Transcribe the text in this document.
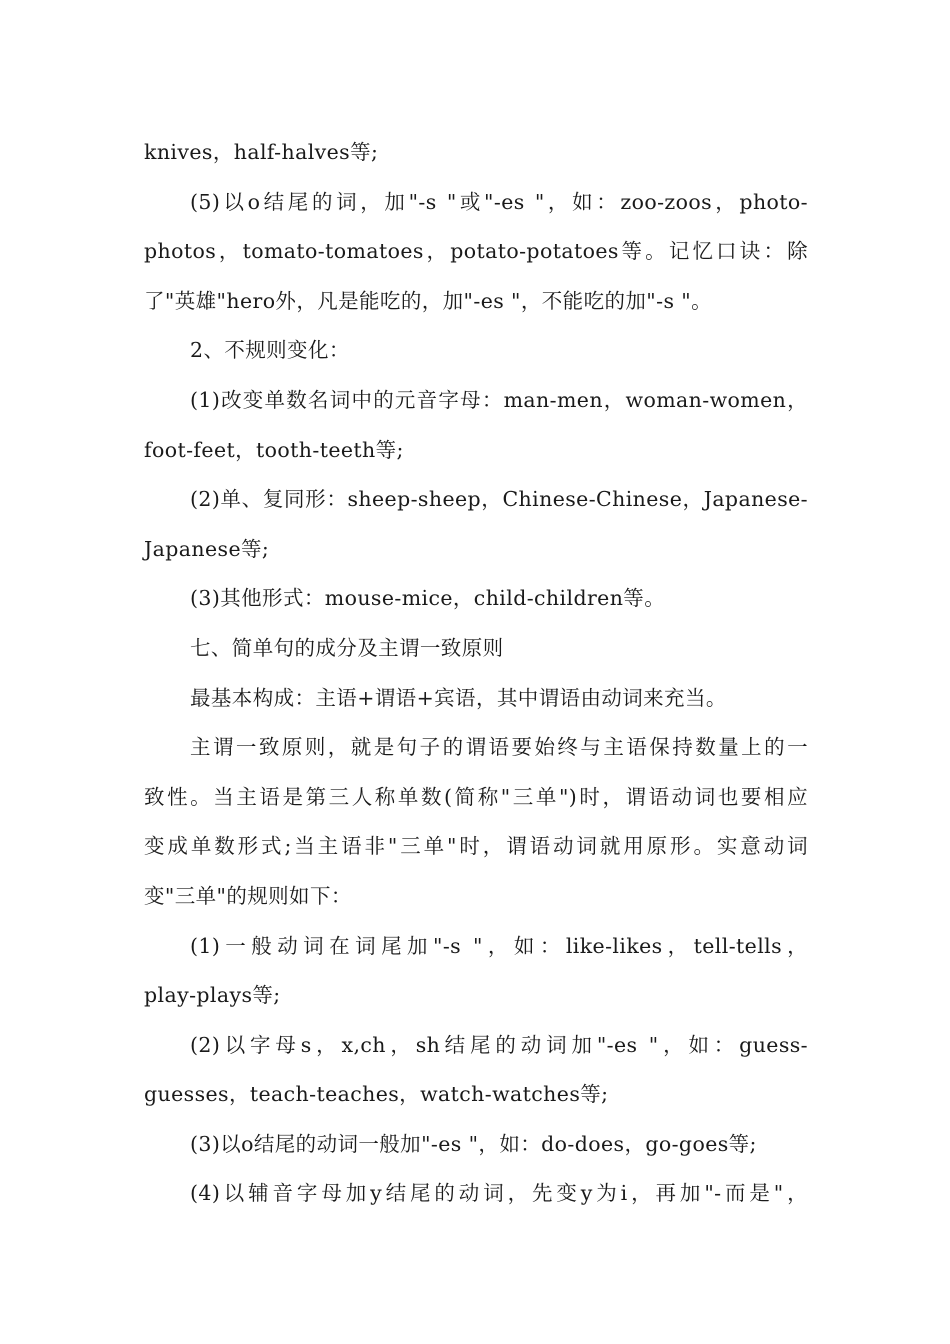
knives，half-halves等;
(5)以o结尾的词，加"-s "或"-es "，如：zoo-zoos，photo-
photos，tomato-tomatoes，potato-potatoes等。记忆口诀：除
了"英雄"hero外，凡是能吃的，加"-es "，不能吃的加"-s "。
2、不规则变化：
(1)改变单数名词中的元音字母：man-men，woman-women，
foot-feet，tooth-teeth等;
(2)单、复同形：sheep-sheep，Chinese-Chinese，Japanese-
Japanese等;
(3)其他形式：mouse-mice，child-children等。
七、简单句的成分及主谓一致原则
最基本构成：主语+谓语+宾语，其中谓语由动词来充当。
主谓一致原则，就是句子的谓语要始终与主语保持数量上的一
致性。当主语是第三人称单数(简称"三单")时，谓语动词也要相应
变成单数形式;当主语非"三单"时，谓语动词就用原形。实意动词
变"三单"的规则如下：
(1)一般动词在词尾加"-s "，如：like-likes，tell-tells，
play-plays等;
(2)以字母s，x,ch，sh结尾的动词加"-es "，如：guess-
guesses，teach-teaches，watch-watches等;
(3)以o结尾的动词一般加"-es "，如：do-does，go-goes等;
(4)以辅音字母加y结尾的动词，先变y为i，再加"-而是"，
